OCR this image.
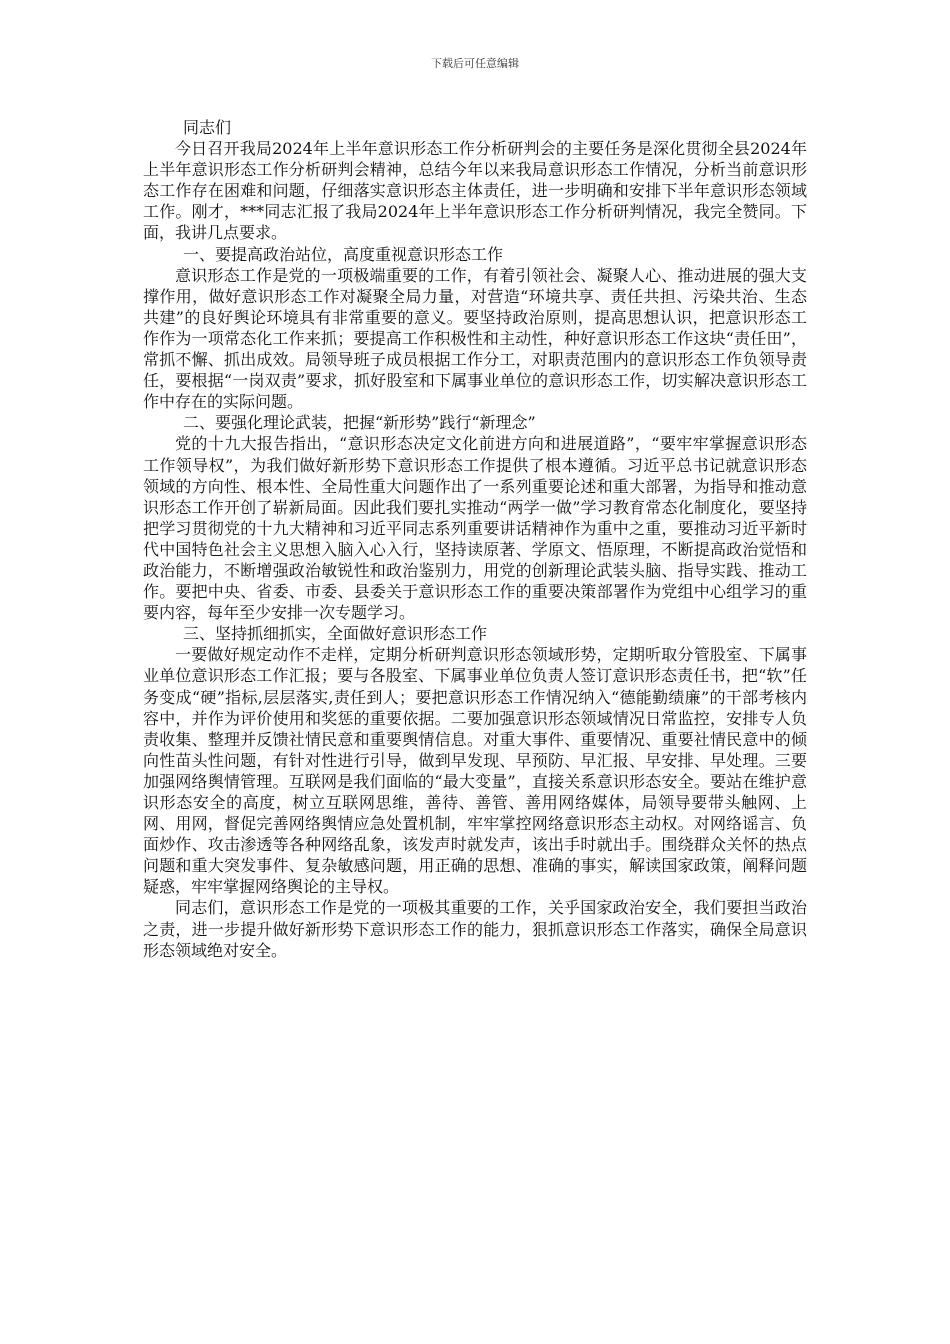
下载后可任意编辑

同志们

今日召开我局2024年上半年意识形态工作分析研判会的主要任务是深化贯彻全县2024年上半年意识形态工作分析研判会精神，总结今年以来我局意识形态工作情况，分析当前意识形态工作存在困难和问题，仔细落实意识形态主体责任，进一步明确和安排下半年意识形态领域工作。刚才，***同志汇报了我局2024年上半年意识形态工作分析研判情况，我完全赞同。下面，我讲几点要求。

一、要提高政治站位，高度重视意识形态工作

意识形态工作是党的一项极端重要的工作，有着引领社会、凝聚人心、推动进展的强大支撑作用，做好意识形态工作对凝聚全局力量，对营造“环境共享、责任共担、污染共治、生态共建”的良好舆论环境具有非常重要的意义。要坚持政治原则，提高思想认识，把意识形态工作作为一项常态化工作来抓；要提高工作积极性和主动性，种好意识形态工作这块“责任田”，常抓不懈、抓出成效。局领导班子成员根据工作分工，对职责范围内的意识形态工作负领导责任，要根据“一岗双责”要求，抓好股室和下属事业单位的意识形态工作，切实解决意识形态工作中存在的实际问题。

二、要强化理论武装，把握“新形势”践行“新理念”

党的十九大报告指出，“意识形态决定文化前进方向和进展道路”，“要牢牢掌握意识形态工作领导权”，为我们做好新形势下意识形态工作提供了根本遵循。习近平总书记就意识形态领域的方向性、根本性、全局性重大问题作出了一系列重要论述和重大部署，为指导和推动意识形态工作开创了崭新局面。因此我们要扎实推动“两学一做”学习教育常态化制度化，要坚持把学习贯彻党的十九大精神和习近平同志系列重要讲话精神作为重中之重，要推动习近平新时代中国特色社会主义思想入脑入心入行，坚持读原著、学原文、悟原理，不断提高政治觉悟和政治能力，不断增强政治敏锐性和政治鉴别力，用党的创新理论武装头脑、指导实践、推动工作。要把中央、省委、市委、县委关于意识形态工作的重要决策部署作为党组中心组学习的重要内容，每年至少安排一次专题学习。

三、坚持抓细抓实，全面做好意识形态工作

一要做好规定动作不走样，定期分析研判意识形态领域形势，定期听取分管股室、下属事业单位意识形态工作汇报；要与各股室、下属事业单位负责人签订意识形态责任书，把“软”任务变成“硬”指标,层层落实,责任到人；要把意识形态工作情况纳入“德能勤绩廉”的干部考核内容中，并作为评价使用和奖惩的重要依据。二要加强意识形态领域情况日常监控，安排专人负责收集、整理并反馈社情民意和重要舆情信息。对重大事件、重要情况、重要社情民意中的倾向性苗头性问题，有针对性进行引导，做到早发现、早预防、早汇报、早安排、早处理。三要加强网络舆情管理。互联网是我们面临的“最大变量”，直接关系意识形态安全。要站在维护意识形态安全的高度，树立互联网思维，善待、善管、善用网络媒体，局领导要带头触网、上网、用网，督促完善网络舆情应急处置机制，牢牢掌控网络意识形态主动权。对网络谣言、负面炒作、攻击渗透等各种网络乱象，该发声时就发声，该出手时就出手。围绕群众关怀的热点问题和重大突发事件、复杂敏感问题，用正确的思想、准确的事实，解读国家政策，阐释问题疑惑，牢牢掌握网络舆论的主导权。

同志们，意识形态工作是党的一项极其重要的工作，关乎国家政治安全，我们要担当政治之责，进一步提升做好新形势下意识形态工作的能力，狠抓意识形态工作落实，确保全局意识形态领域绝对安全。
